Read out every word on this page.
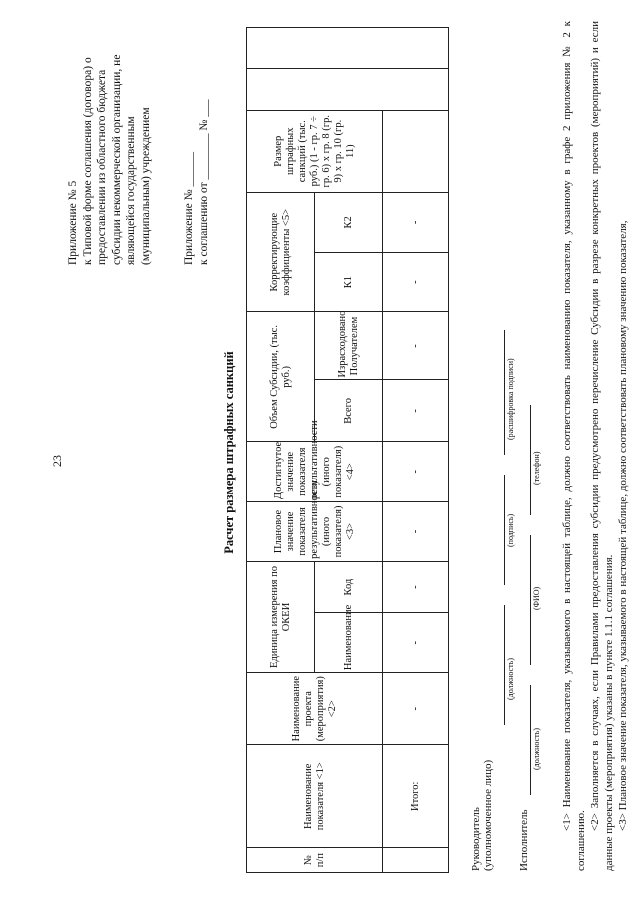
23
Приложение № 5 к Типовой форме соглашения (договора) о предоставлении из областного бюджета субсидии некоммерческой организации, не являющейся государственным (муниципальным) учреждением	Приложение № ______ к соглашению от ________ № ___
Расчет размера штрафных санкций
№ п/п	Наименование показателя <1>	Наименование проекта (мероприятия) <2>	Единица измерения по ОКЕИ		Плановое значение показателя результативности (иного показателя) <3>	Достигнутое значение показателя результативности (иного показателя) <4>	Объем Субсидии, (тыс. руб.)		Корректирующие коэффициенты <5>		Размер штрафных санкций (тыс. руб.) (1 - гр. 7 ÷ гр. 6) x гр. 8 (гр. 9) x гр. 10 (гр. 11)		
			Наименование	Код			Всего	Израсходовано Получателем	К1	К2			
	Итого:	-	-	-	-	-	-	-	-	-			
Руководитель (уполномоченное лицо)
(должность)
(подпись)
(расшифровка подписи)
Исполнитель
(должность)
(ФИО)
(телефон) <1> Наименование показателя, указываемого в настоящей таблице, должно соответствовать наименованию показателя, указанному в графе 2 приложения № 2 к соглашению.

<2> Заполняется в случаях, если Правилами предоставления субсидии предусмотрено перечисление Субсидии в разрезе конкретных проектов (мероприятий) и если данные проекты (мероприятия) указаны в пункте 1.1.1 соглашения. <3> Плановое значение показателя, указываемого в настоящей таблице, должно соответствовать плановому значению показателя,
